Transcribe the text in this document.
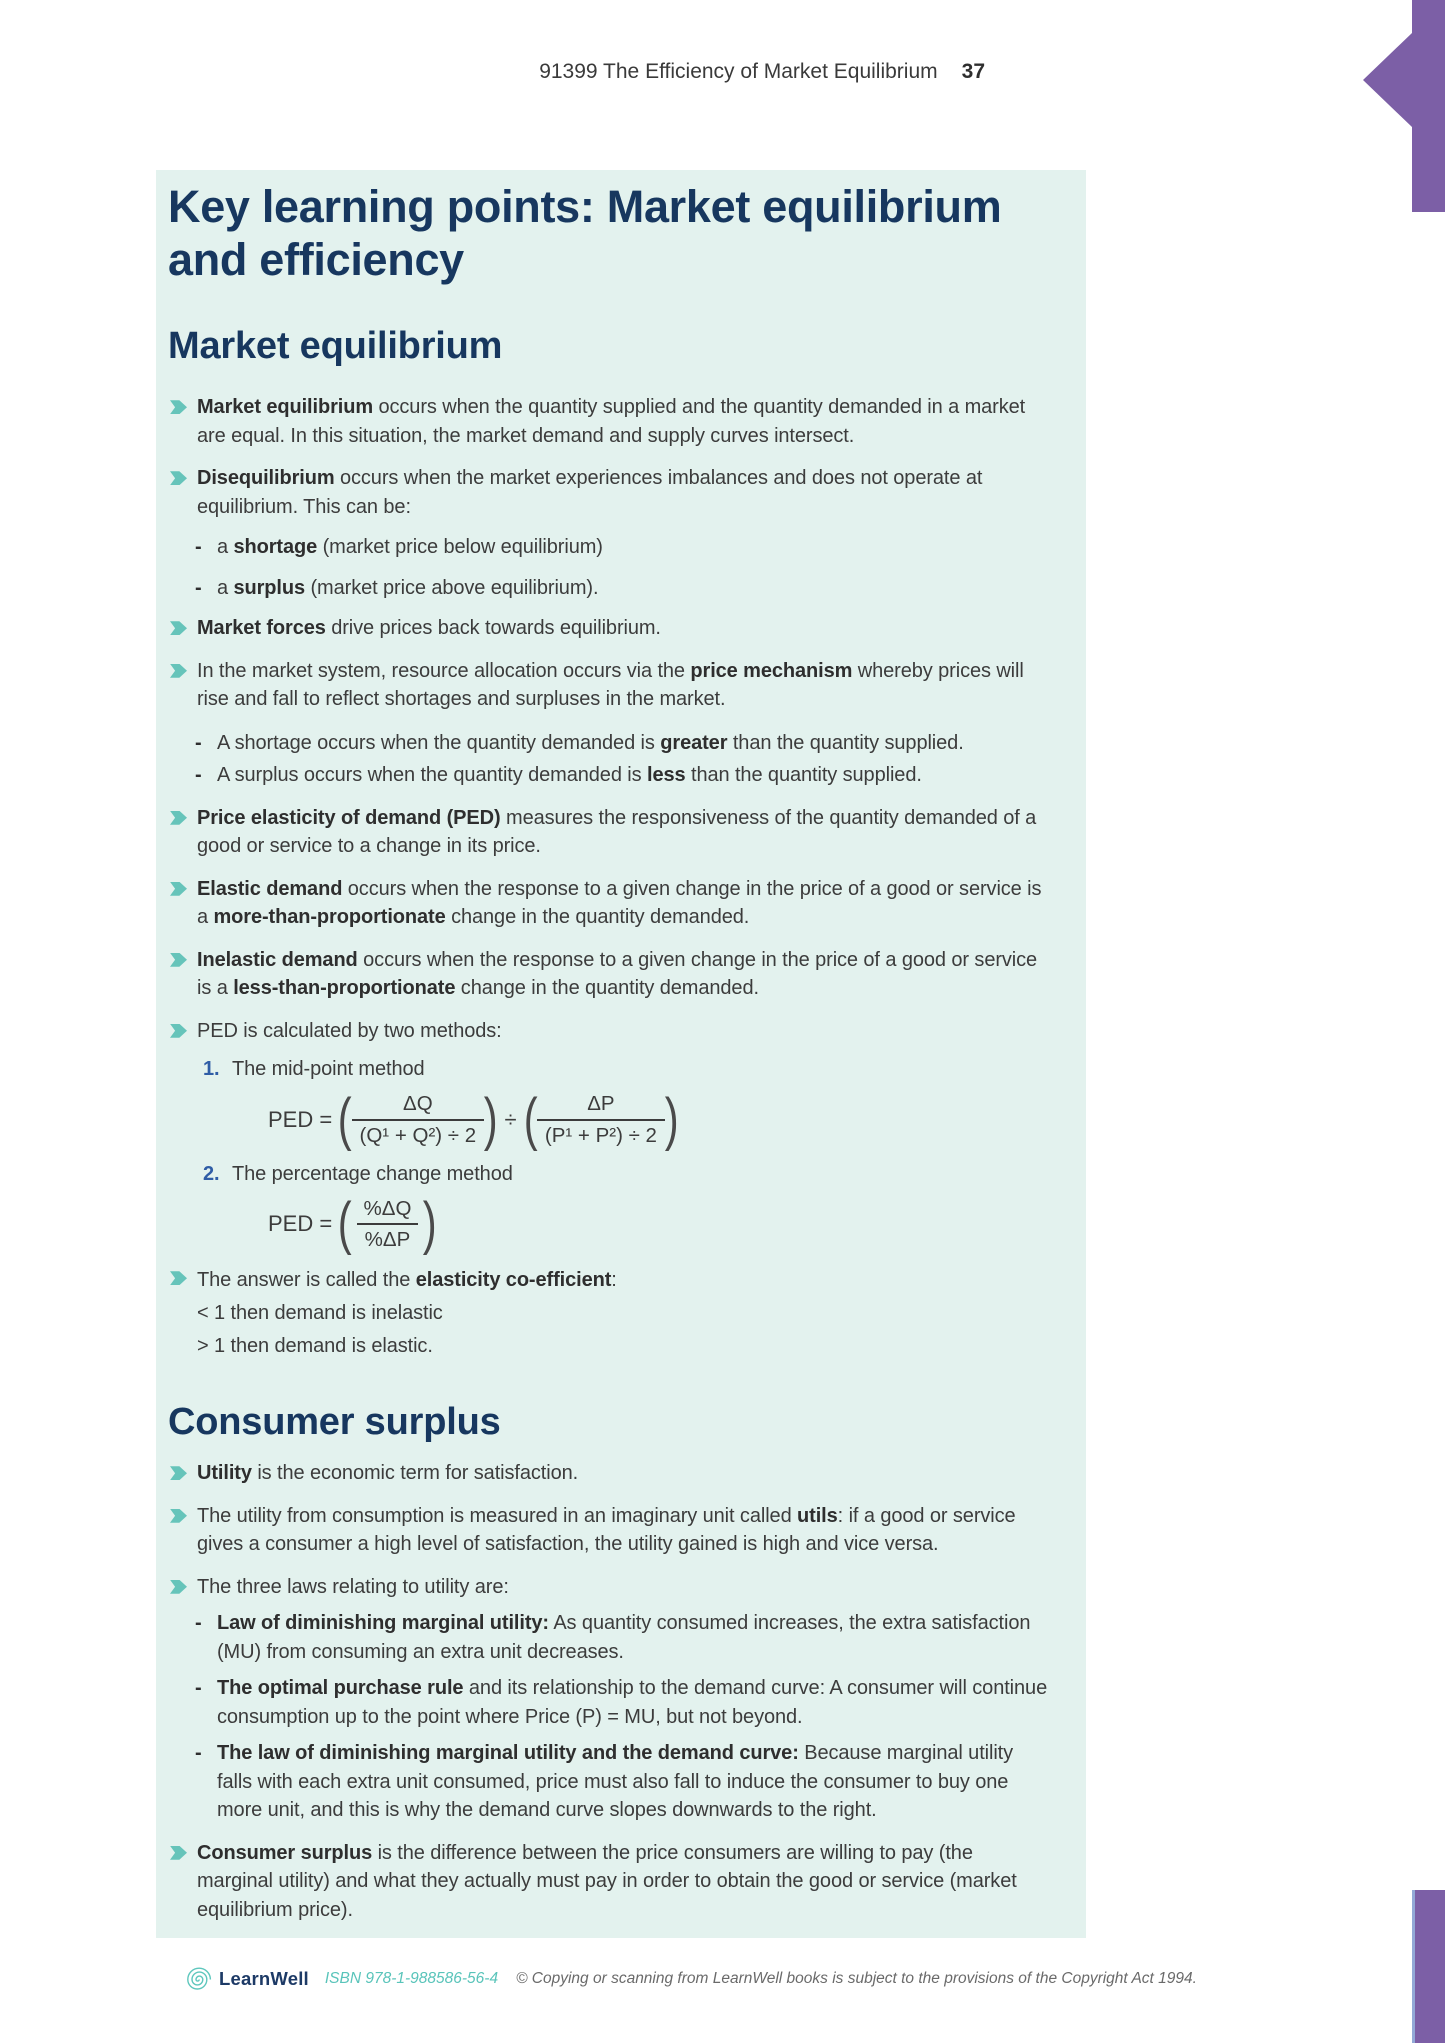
91399 The Efficiency of Market Equilibrium 37
Key learning points: Market equilibrium
and efficiency
Market equilibrium
Market equilibrium occurs when the quantity supplied and the quantity demanded in a market are equal. In this situation, the market demand and supply curves intersect.
Disequilibrium occurs when the market experiences imbalances and does not operate at equilibrium. This can be:
- a shortage (market price below equilibrium)
- a surplus (market price above equilibrium).
Market forces drive prices back towards equilibrium.
In the market system, resource allocation occurs via the price mechanism whereby prices will rise and fall to reflect shortages and surpluses in the market.
- A shortage occurs when the quantity demanded is greater than the quantity supplied.
- A surplus occurs when the quantity demanded is less than the quantity supplied.
Price elasticity of demand (PED) measures the responsiveness of the quantity demanded of a good or service to a change in its price.
Elastic demand occurs when the response to a given change in the price of a good or service is a more-than-proportionate change in the quantity demanded.
Inelastic demand occurs when the response to a given change in the price of a good or service is a less-than-proportionate change in the quantity demanded.
PED is calculated by two methods:
1. The mid-point method
PED = ( $\frac{\Delta Q}{\text{(Q¹ + Q²) ÷ 2}}$ ) ÷ ( $\frac{\Delta P}{\text{(P¹ + P²) ÷ 2}}$ )
2. The percentage change method
PED = ( $\frac{\%\Delta Q}{\%\Delta P}$ )
The answer is called the elasticity co-efficient:
< 1 then demand is inelastic
> 1 then demand is elastic.
Consumer surplus
Utility is the economic term for satisfaction.
The utility from consumption is measured in an imaginary unit called utils: if a good or service gives a consumer a high level of satisfaction, the utility gained is high and vice versa.
The three laws relating to utility are:
- Law of diminishing marginal utility: As quantity consumed increases, the extra satisfaction (MU) from consuming an extra unit decreases.
- The optimal purchase rule and its relationship to the demand curve: A consumer will continue consumption up to the point where Price (P) = MU, but not beyond.
- The law of diminishing marginal utility and the demand curve: Because marginal utility falls with each extra unit consumed, price must also fall to induce the consumer to buy one more unit, and this is why the demand curve slopes downwards to the right.
Consumer surplus is the difference between the price consumers are willing to pay (the marginal utility) and what they actually must pay in order to obtain the good or service (market equilibrium price).
LearnWell ISBN 978-1-988586-56-4 © Copying or scanning from LearnWell books is subject to the provisions of the Copyright Act 1994.
